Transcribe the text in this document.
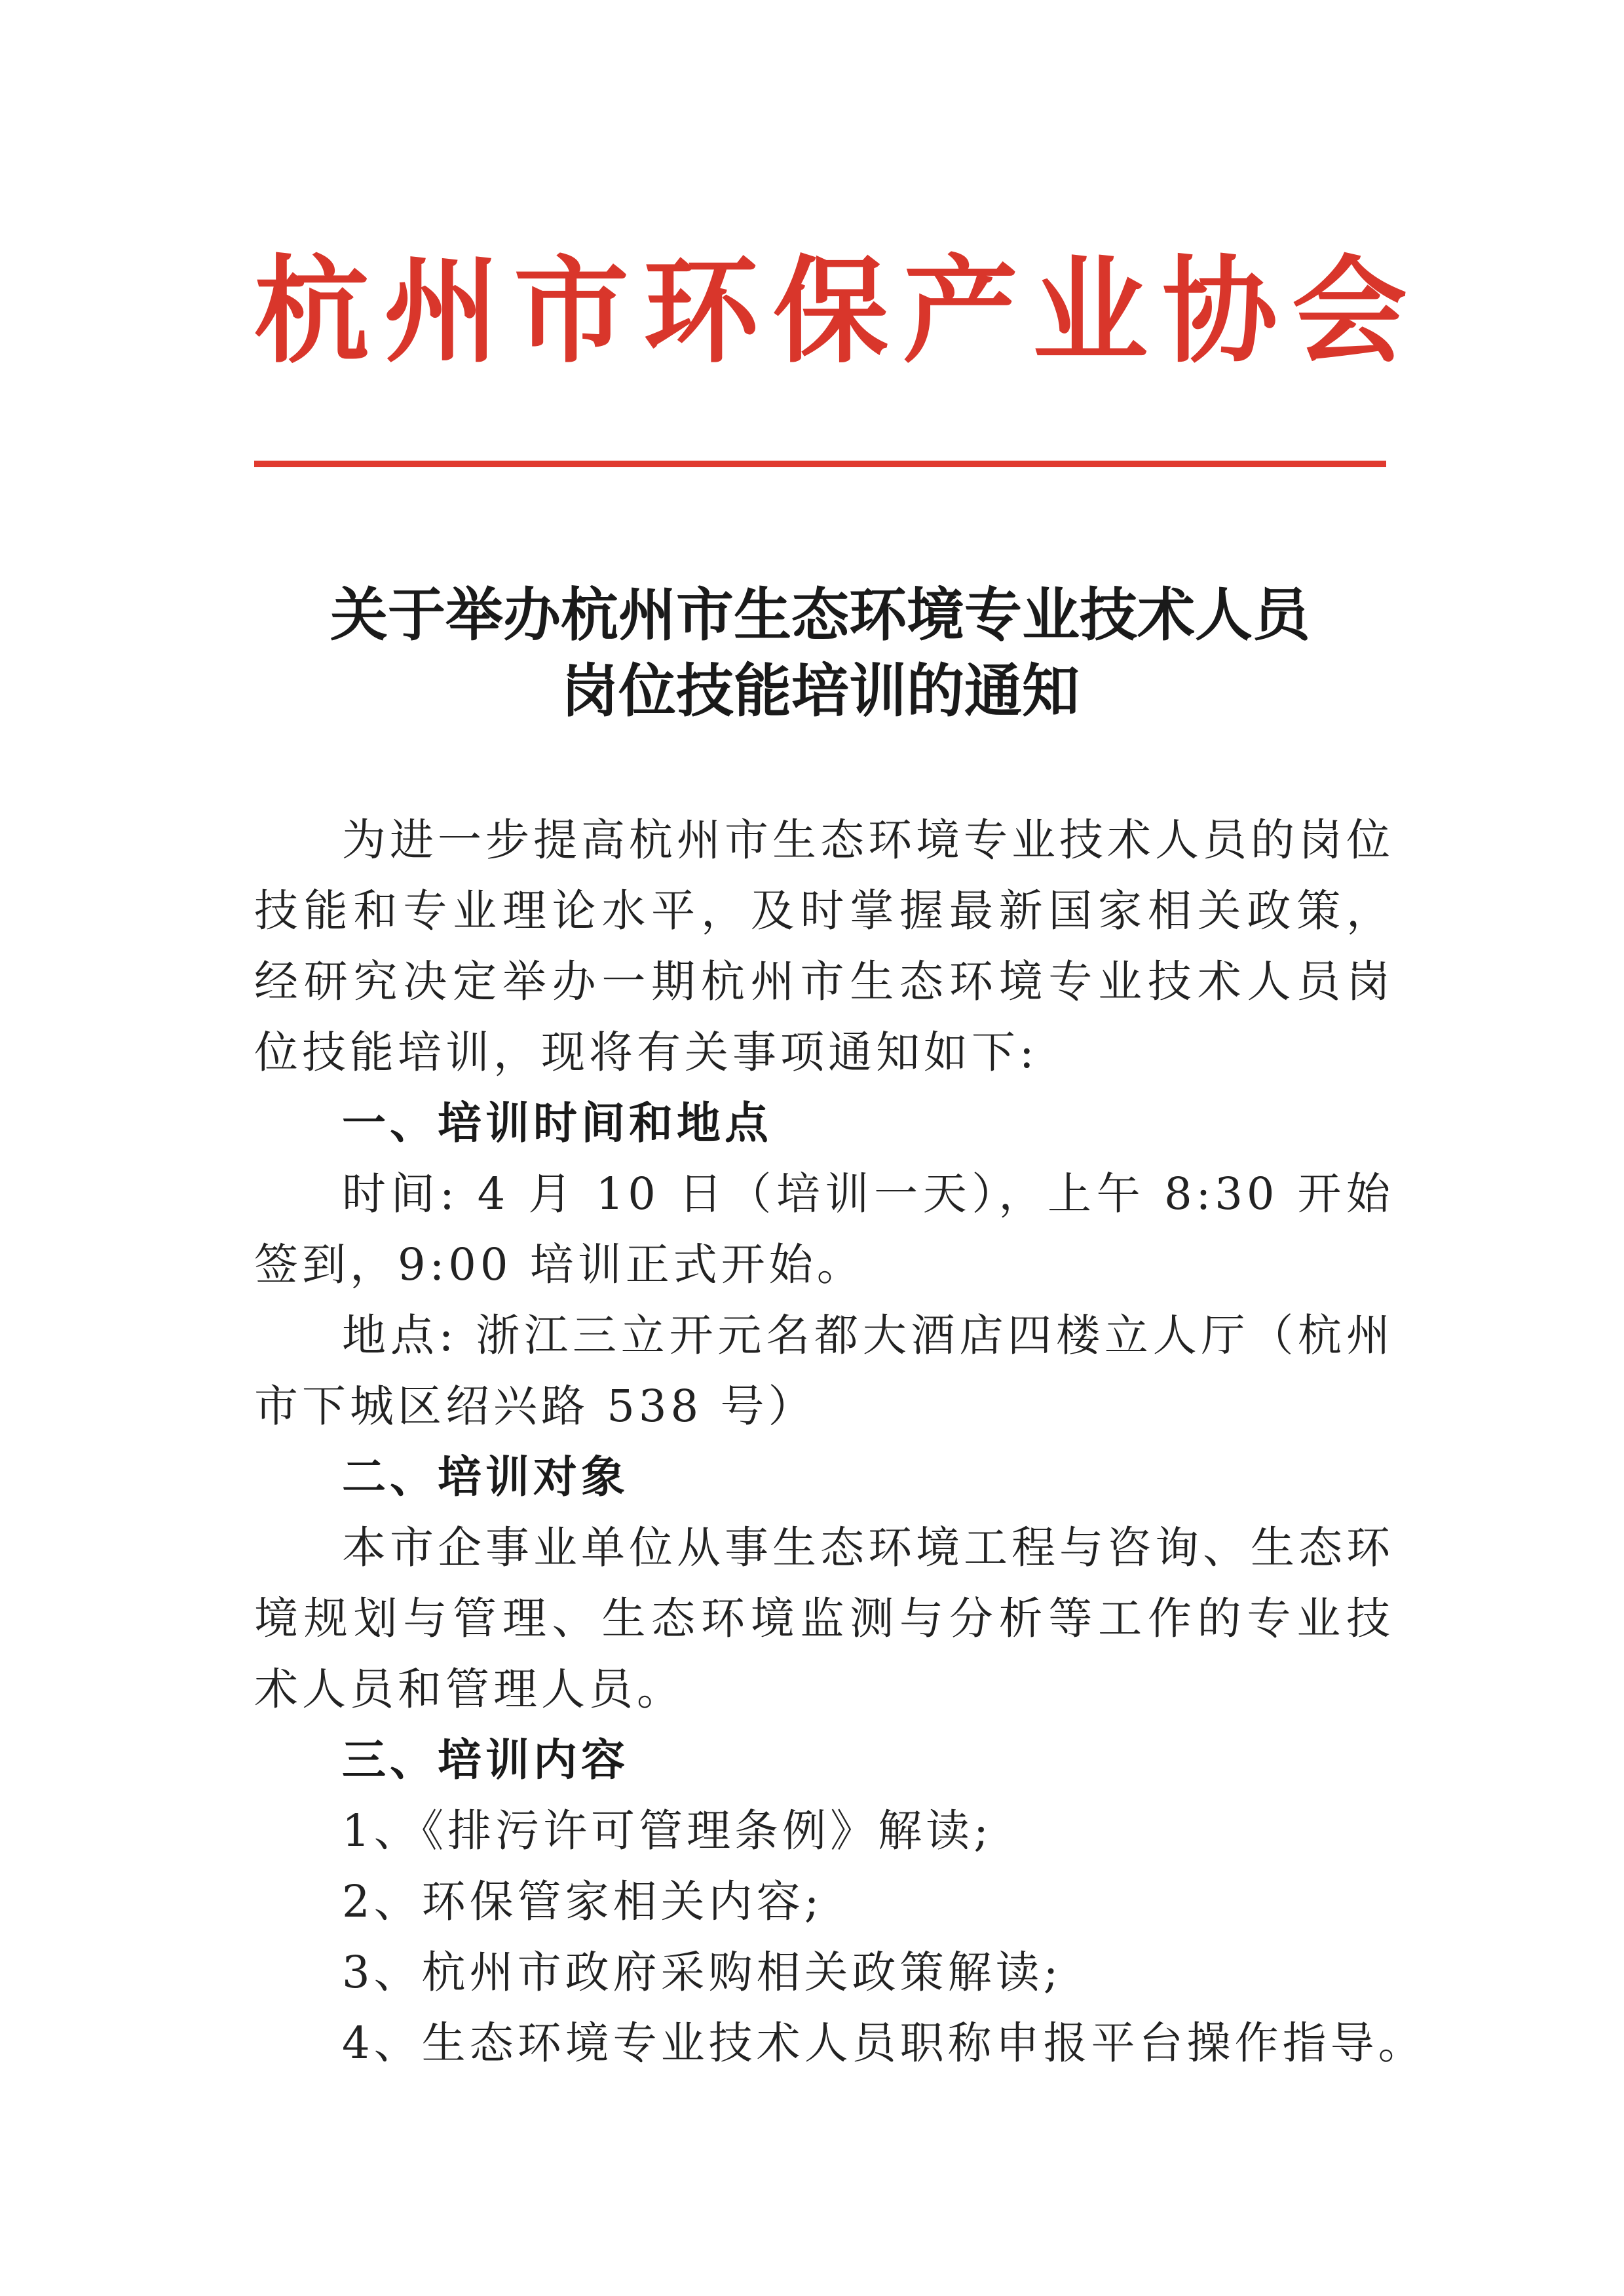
杭州市环保产业协会
关于举办杭州市生态环境专业技术人员
岗位技能培训的通知

为进一步提高杭州市生态环境专业技术人员的岗位技能和专业理论水平，及时掌握最新国家相关政策，经研究决定举办一期杭州市生态环境专业技术人员岗位技能培训，现将有关事项通知如下:

一、培训时间和地点

时间: 4 月 10 日（培训一天），上午 8:30 开始签到，9:00 培训正式开始。

地点: 浙江三立开元名都大酒店四楼立人厅（杭州市下城区绍兴路 538 号）

二、培训对象

本市企事业单位从事生态环境工程与咨询、生态环境规划与管理、生态环境监测与分析等工作的专业技术人员和管理人员。

三、培训内容

1、《排污许可管理条例》解读;

2、环保管家相关内容;

3、杭州市政府采购相关政策解读;

4、生态环境专业技术人员职称申报平台操作指导。
